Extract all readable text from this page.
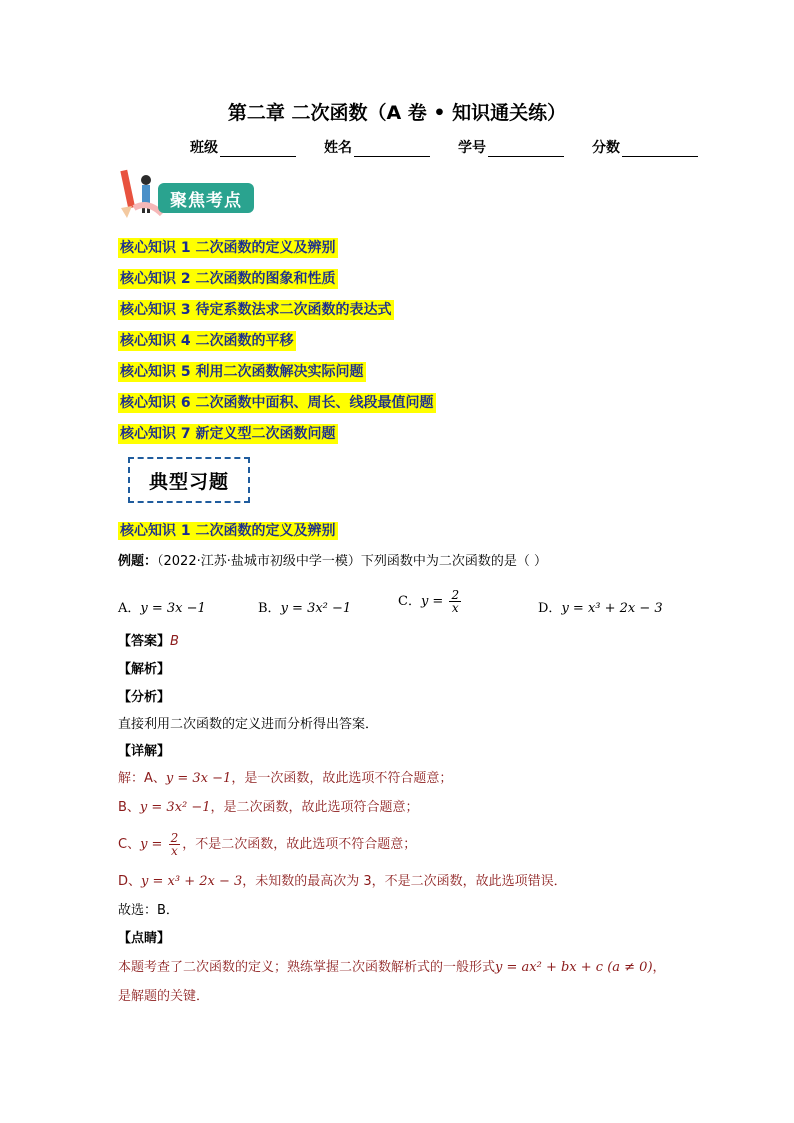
第二章 二次函数（A 卷 • 知识通关练）
班级	姓名	学号	分数
聚焦考点
核心知识 1 二次函数的定义及辨别
核心知识 2 二次函数的图象和性质
核心知识 3 待定系数法求二次函数的表达式
核心知识 4 二次函数的平移
核心知识 5 利用二次函数解决实际问题
核心知识 6 二次函数中面积、周长、线段最值问题
核心知识 7 新定义型二次函数问题
典型习题
核心知识 1 二次函数的定义及辨别
例题：（2022·江苏·盐城市初级中学一模）下列函数中为二次函数的是（ ）
A．y = 3x −1	B．y = 3x² −1	C．$y = \frac{2}{x}$	D．y = x³ + 2x − 3
【答案】B
【解析】
【分析】
直接利用二次函数的定义进而分析得出答案．
【详解】
解：A、y = 3x −1，是一次函数，故此选项不符合题意；
B、y = 3x² −1，是二次函数，故此选项符合题意；
C、$y = \frac{2}{x}$ ，不是二次函数，故此选项不符合题意；
D、y = x³ + 2x − 3，未知数的最高次为 3，不是二次函数，故此选项错误．
故选：B．
【点睛】
本题考查了二次函数的定义；熟练掌握二次函数解析式的一般形式y = ax² + bx + c (a ≠ 0)，
是解题的关键．
